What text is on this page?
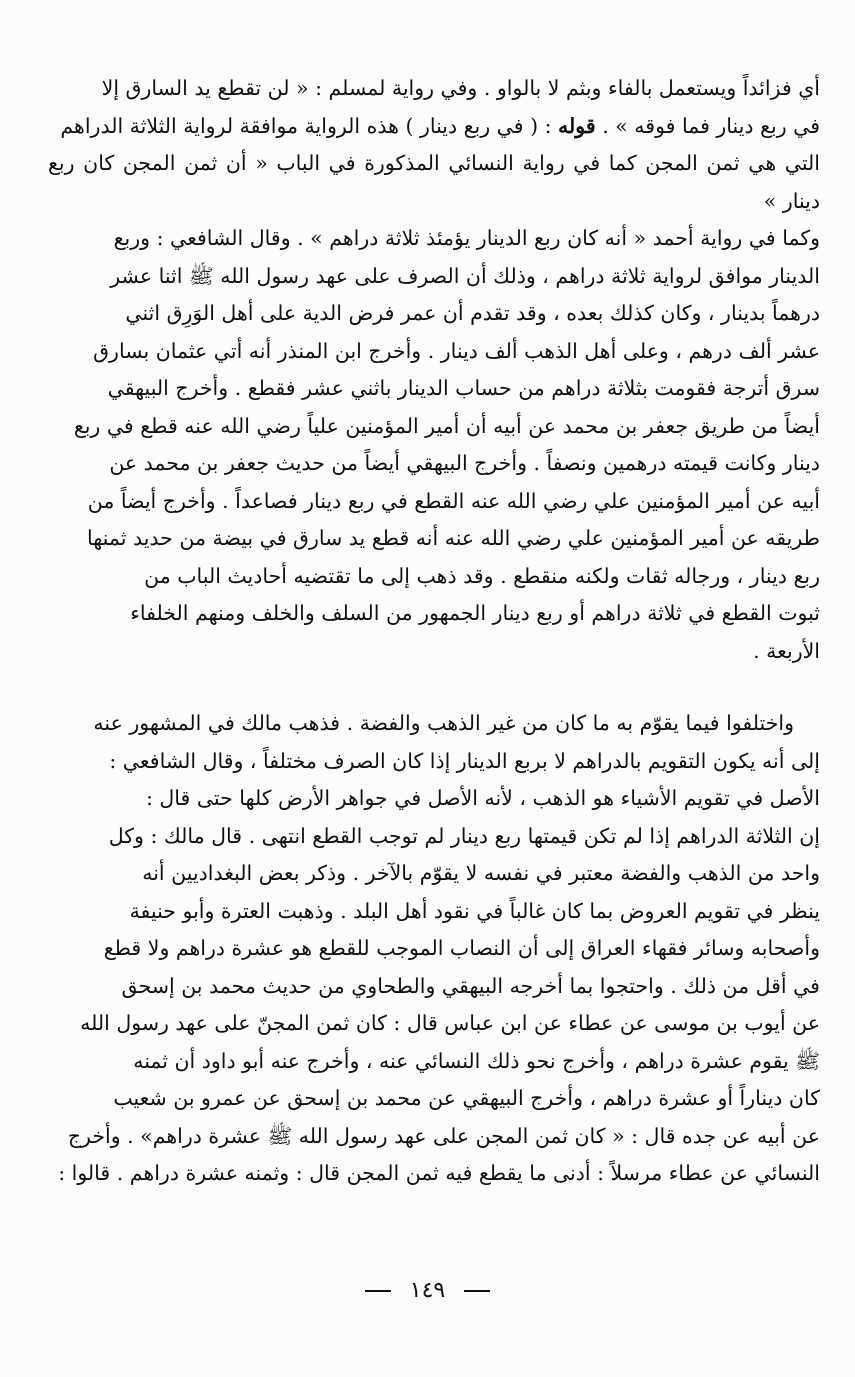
أي فزائداً ويستعمل بالفاء وبثم لا بالواو . وفي رواية لمسلم : « لن تقطع يد السارق إلا

في ربع دينار فما فوقه » . قوله : ( في ربع دينار ) هذه الرواية موافقة لرواية الثلاثة الدراهم

التي هي ثمن المجن كما في رواية النسائي المذكورة في الباب « أن ثمن المجن كان ربع دينار »

وكما في رواية أحمد « أنه كان ربع الدينار يؤمئذ ثلاثة دراهم » . وقال الشافعي : وربع

الدينار موافق لرواية ثلاثة دراهم ، وذلك أن الصرف على عهد رسول الله ﷺ اثنا عشر

درهماً بدينار ، وكان كذلك بعده ، وقد تقدم أن عمر فرض الدية على أهل الوَرِق اثني

عشر ألف درهم ، وعلى أهل الذهب ألف دينار . وأخرج ابن المنذر أنه أتي عثمان بسارق

سرق أترجة فقومت بثلاثة دراهم من حساب الدينار باثني عشر فقطع . وأخرج البيهقي

أيضاً من طريق جعفر بن محمد عن أبيه أن أمير المؤمنين علياً رضي الله عنه قطع في ربع

دينار وكانت قيمته درهمين ونصفاً . وأخرج البيهقي أيضاً من حديث جعفر بن محمد عن

أبيه عن أمير المؤمنين علي رضي الله عنه القطع في ربع دينار فصاعداً . وأخرج أيضاً من

طريقه عن أمير المؤمنين علي رضي الله عنه أنه قطع يد سارق في بيضة من حديد ثمنها

ربع دينار ، ورجاله ثقات ولكنه منقطع . وقد ذهب إلى ما تقتضيه أحاديث الباب من

ثبوت القطع في ثلاثة دراهم أو ربع دينار الجمهور من السلف والخلف ومنهم الخلفاء

الأربعة .

واختلفوا فيما يقوّم به ما كان من غير الذهب والفضة . فذهب مالك في المشهور عنه

إلى أنه يكون التقويم بالدراهم لا بربع الدينار إذا كان الصرف مختلفاً ، وقال الشافعي :

الأصل في تقويم الأشياء هو الذهب ، لأنه الأصل في جواهر الأرض كلها حتى قال :

إن الثلاثة الدراهم إذا لم تكن قيمتها ربع دينار لم توجب القطع انتهى . قال مالك : وكل

واحد من الذهب والفضة معتبر في نفسه لا يقوّم بالآخر . وذكر بعض البغداديين أنه

ينظر في تقويم العروض بما كان غالباً في نقود أهل البلد . وذهبت العترة وأبو حنيفة

وأصحابه وسائر فقهاء العراق إلى أن النصاب الموجب للقطع هو عشرة دراهم ولا قطع

في أقل من ذلك . واحتجوا بما أخرجه البيهقي والطحاوي من حديث محمد بن إسحق

عن أيوب بن موسى عن عطاء عن ابن عباس قال : كان ثمن المجنّ على عهد رسول الله

ﷺ يقوم عشرة دراهم ، وأخرج نحو ذلك النسائي عنه ، وأخرج عنه أبو داود أن ثمنه

كان ديناراً أو عشرة دراهم ، وأخرج البيهقي عن محمد بن إسحق عن عمرو بن شعيب

عن أبيه عن جده قال : « كان ثمن المجن على عهد رسول الله ﷺ عشرة دراهم» . وأخرج

النسائي عن عطاء مرسلاً : أدنى ما يقطع فيه ثمن المجن قال : وثمنه عشرة دراهم . قالوا :

١٤٩
